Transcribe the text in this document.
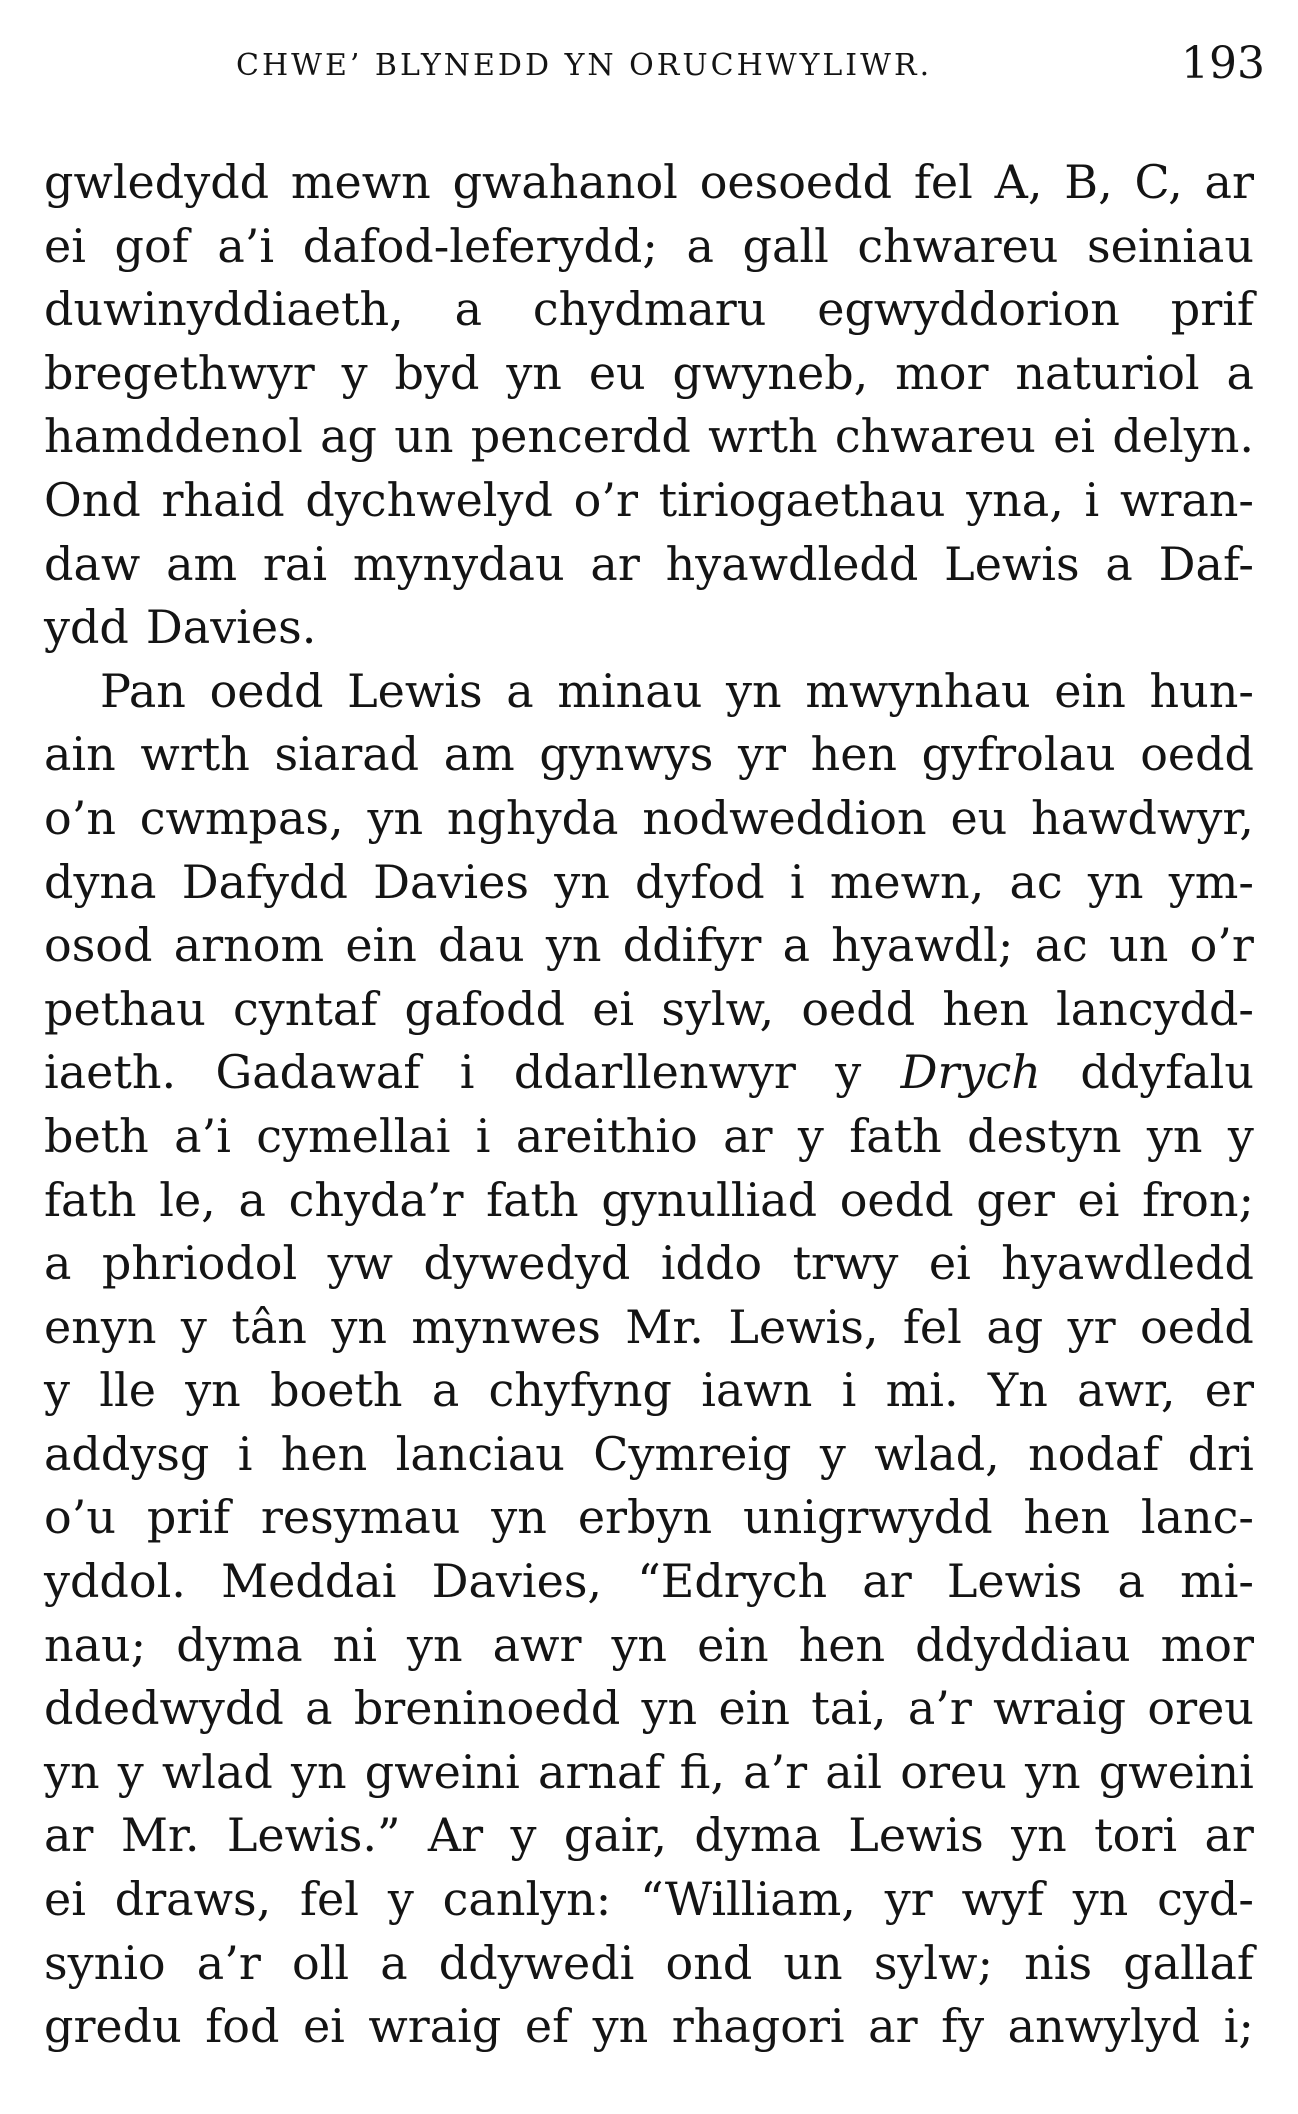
CHWE’ BLYNEDD YN ORUCHWYLIWR.	193
gwledydd mewn gwahanol oesoedd fel A, B, C, ar
ei gof a’i dafod-leferydd; a gall chwareu seiniau
duwinyddiaeth, a chydmaru egwyddorion prif
bregethwyr y byd yn eu gwyneb, mor naturiol a
hamddenol ag un pencerdd wrth chwareu ei delyn.
Ond rhaid dychwelyd o’r tiriogaethau yna, i wran-
daw am rai mynydau ar hyawdledd Lewis a Daf-
ydd Davies.
Pan oedd Lewis a minau yn mwynhau ein hun-
ain wrth siarad am gynwys yr hen gyfrolau oedd
o’n cwmpas, yn nghyda nodweddion eu hawdwyr,
dyna Dafydd Davies yn dyfod i mewn, ac yn ym-
osod arnom ein dau yn ddifyr a hyawdl; ac un o’r
pethau cyntaf gafodd ei sylw, oedd hen lancydd-
iaeth. Gadawaf i ddarllenwyr y Drych ddyfalu
beth a’i cymellai i areithio ar y fath destyn yn y
fath le, a chyda’r fath gynulliad oedd ger ei fron;
a phriodol yw dywedyd iddo trwy ei hyawdledd
enyn y tân yn mynwes Mr. Lewis, fel ag yr oedd
y lle yn boeth a chyfyng iawn i mi. Yn awr, er
addysg i hen lanciau Cymreig y wlad, nodaf dri
o’u prif resymau yn erbyn unigrwydd hen lanc-
yddol. Meddai Davies, “Edrych ar Lewis a mi-
nau; dyma ni yn awr yn ein hen ddyddiau mor
ddedwydd a breninoedd yn ein tai, a’r wraig oreu
yn y wlad yn gweini arnaf fi, a’r ail oreu yn gweini
ar Mr. Lewis.” Ar y gair, dyma Lewis yn tori ar
ei draws, fel y canlyn: “William, yr wyf yn cyd-
synio a’r oll a ddywedi ond un sylw; nis gallaf
gredu fod ei wraig ef yn rhagori ar fy anwylyd i;
